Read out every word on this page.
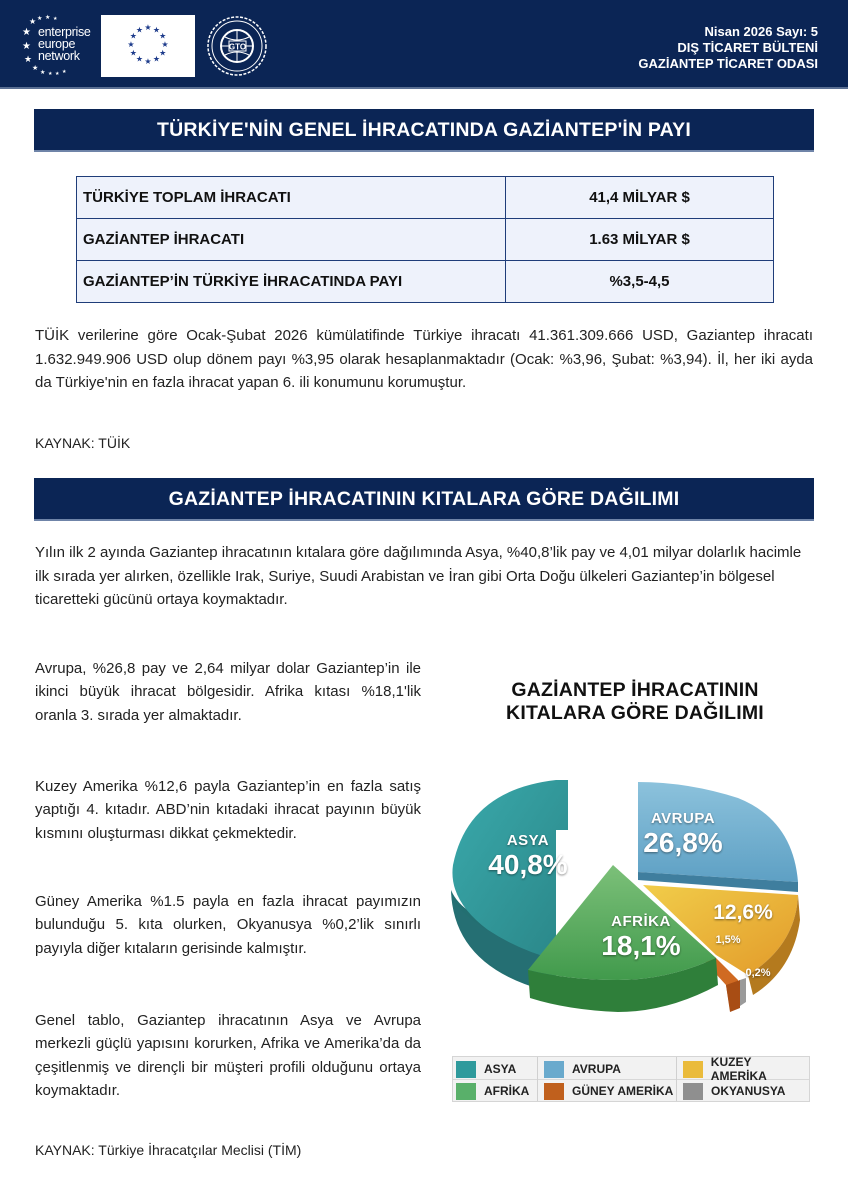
★ ★ ★ ★
★
★
★
★
★ ★ ★ ★
enterprise
europe
network
★ ★
★
★
★
★
★
★
★
★
★
★
GTO
Nisan 2026 Sayı: 5
DIŞ TİCARET BÜLTENİ
GAZİANTEP TİCARET ODASI
TÜRKİYE'NİN GENEL İHRACATINDA GAZİANTEP'İN PAYI
TÜRKİYE TOPLAM İHRACATI	41,4 MİLYAR $
GAZİANTEP İHRACATI	1.63 MİLYAR $
GAZİANTEP’İN TÜRKİYE İHRACATINDA PAYI	%3,5-4,5

TÜİK verilerine göre Ocak-Şubat 2026 kümülatifinde Türkiye ihracatı 41.361.309.666 USD, Gaziantep ihracatı 1.632.949.906 USD olup dönem payı %3,95 olarak hesaplanmaktadır (Ocak: %3,96, Şubat: %3,94). İl, her iki ayda da Türkiye'nin en fazla ihracat yapan 6. ili konumunu korumuştur.

KAYNAK: TÜİK
GAZİANTEP İHRACATININ KITALARA GÖRE DAĞILIMI

Yılın ilk 2 ayında Gaziantep ihracatının kıtalara göre dağılımında Asya, %40,8’lik pay ve 4,01 milyar dolarlık hacimle ilk sırada yer alırken, özellikle Irak, Suriye, Suudi Arabistan ve İran gibi Orta Doğu ülkeleri Gaziantep’in bölgesel ticaretteki gücünü ortaya koymaktadır.

Avrupa, %26,8 pay ve 2,64 milyar dolar Gaziantep’in ile ikinci büyük ihracat bölgesidir. Afrika kıtası %18,1'lik oranla 3. sırada yer almaktadır.

Kuzey Amerika %12,6 payla Gaziantep’in en fazla satış yaptığı 4. kıtadır. ABD’nin kıtadaki ihracat payının büyük kısmını oluşturması dikkat çekmektedir.

Güney Amerika %1.5 payla en fazla ihracat payımızın bulunduğu 5. kıta olurken, Okyanusya %0,2’lik sınırlı payıyla diğer kıtaların gerisinde kalmıştır.

Genel tablo, Gaziantep ihracatının Asya ve Avrupa merkezli güçlü yapısını korurken, Afrika ve Amerika’da da çeşitlenmiş ve dirençli bir müşteri profili olduğunu ortaya koymaktadır.

KAYNAK: Türkiye İhracatçılar Meclisi (TİM)
GAZİANTEP İHRACATININ
KITALARA GÖRE DAĞILIMI
ASYA
40,8%
AVRUPA
26,8%
AFRİKA
18,1%
12,6%
1,5%
0,2%
ASYA	AVRUPA	KUZEY AMERİKA
AFRİKA	GÜNEY AMERİKA	OKYANUSYA
